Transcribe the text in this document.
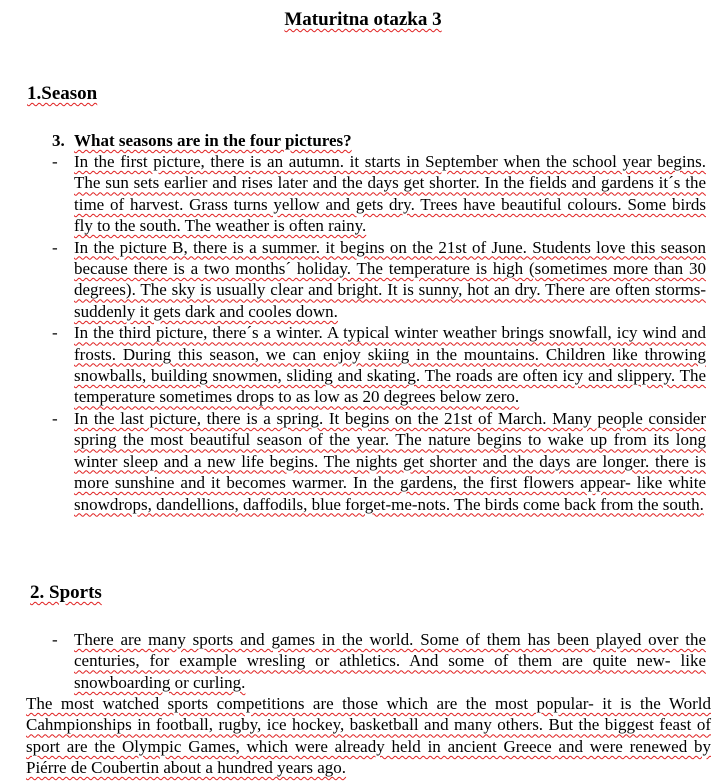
Maturitna otazka 3
1.Season
3. What seasons are in the four pictures?
- In the first picture, there is an autumn. it starts in September when the school year begins. The sun sets earlier and rises later and the days get shorter. In the fields and gardens it´s the time of harvest. Grass turns yellow and gets dry. Trees have beautiful colours. Some birds fly to the south. The weather is often rainy.
- In the picture B, there is a summer. it begins on the 21st of June. Students love this season because there is a two months´ holiday. The temperature is high (sometimes more than 30 degrees). The sky is usually clear and bright. It is sunny, hot an dry. There are often storms- suddenly it gets dark and cooles down.
- In the third picture, there´s a winter. A typical winter weather brings snowfall, icy wind and frosts. During this season, we can enjoy skiing in the mountains. Children like throwing snowballs, building snowmen, sliding and skating. The roads are often icy and slippery. The temperature sometimes drops to as low as 20 degrees below zero.
- In the last picture, there is a spring. It begins on the 21st of March. Many people consider spring the most beautiful season of the year. The nature begins to wake up from its long winter sleep and a new life begins. The nights get shorter and the days are longer. there is more sunshine and it becomes warmer. In the gardens, the first flowers appear- like white snowdrops, dandellions, daffodils, blue forget-me-nots. The birds come back from the south.
2. Sports
- There are many sports and games in the world. Some of them has been played over the centuries, for example wresling or athletics. And some of them are quite new- like snowboarding or curling.
The most watched sports competitions are those which are the most popular- it is the World Cahmpionships in football, rugby, ice hockey, basketball and many others. But the biggest feast of sport are the Olympic Games, which were already held in ancient Greece and were renewed by Piérre de Coubertin about a hundred years ago.
